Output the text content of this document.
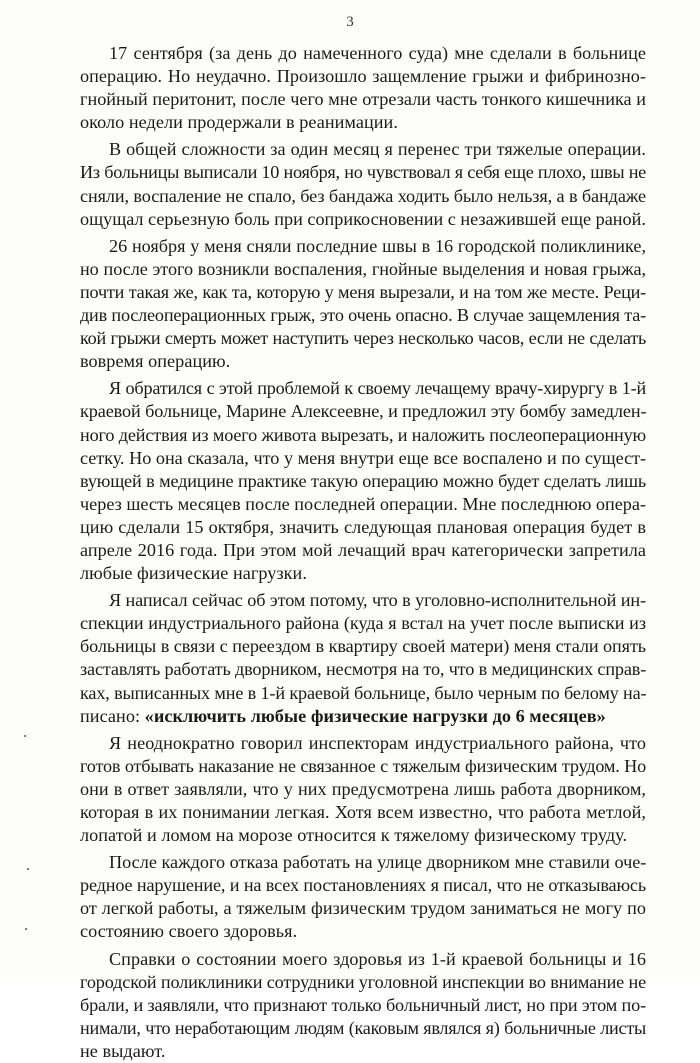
3
17 сентября (за день до намеченного суда) мне сделали в больнице
операцию. Но неудачно. Произошло защемление грыжи и фибринозно-
гнойный перитонит, после чего мне отрезали часть тонкого кишечника и
около недели продержали в реанимации.
В общей сложности за один месяц я перенес три тяжелые операции.
Из больницы выписали 10 ноября, но чувствовал я себя еще плохо, швы не
сняли, воспаление не спало, без бандажа ходить было нельзя, а в бандаже
ощущал серьезную боль при соприкосновении с незажившей еще раной.
26 ноября у меня сняли последние швы в 16 городской поликлинике,
но после этого возникли воспаления, гнойные выделения и новая грыжа,
почти такая же, как та, которую у меня вырезали, и на том же месте. Реци-
див послеоперационных грыж, это очень опасно. В случае защемления та-
кой грыжи смерть может наступить через несколько часов, если не сделать
вовремя операцию.
Я обратился с этой проблемой к своему лечащему врачу-хирургу в 1-й
краевой больнице, Марине Алексеевне, и предложил эту бомбу замедлен-
ного действия из моего живота вырезать, и наложить послеоперационную
сетку. Но она сказала, что у меня внутри еще все воспалено и по сущест-
вующей в медицине практике такую операцию можно будет сделать лишь
через шесть месяцев после последней операции. Мне последнюю опера-
цию сделали 15 октября, значить следующая плановая операция будет в
апреле 2016 года. При этом мой лечащий врач категорически запретила
любые физические нагрузки.
Я написал сейчас об этом потому, что в уголовно-исполнительной ин-
спекции индустриального района (куда я встал на учет после выписки из
больницы в связи с переездом в квартиру своей матери) меня стали опять
заставлять работать дворником, несмотря на то, что в медицинских справ-
ках, выписанных мне в 1-й краевой больнице, было черным по белому на-
писано: «исключить любые физические нагрузки до 6 месяцев»
Я неоднократно говорил инспекторам индустриального района, что
готов отбывать наказание не связанное с тяжелым физическим трудом. Но
они в ответ заявляли, что у них предусмотрена лишь работа дворником,
которая в их понимании легкая. Хотя всем известно, что работа метлой,
лопатой и ломом на морозе относится к тяжелому физическому труду.
После каждого отказа работать на улице дворником мне ставили оче-
редное нарушение, и на всех постановлениях я писал, что не отказываюсь
от легкой работы, а тяжелым физическим трудом заниматься не могу по
состоянию своего здоровья.
Справки о состоянии моего здоровья из 1-й краевой больницы и 16
городской поликлиники сотрудники уголовной инспекции во внимание не
брали, и заявляли, что признают только больничный лист, но при этом по-
нимали, что неработающим людям (каковым являлся я) больничные листы
не выдают.
